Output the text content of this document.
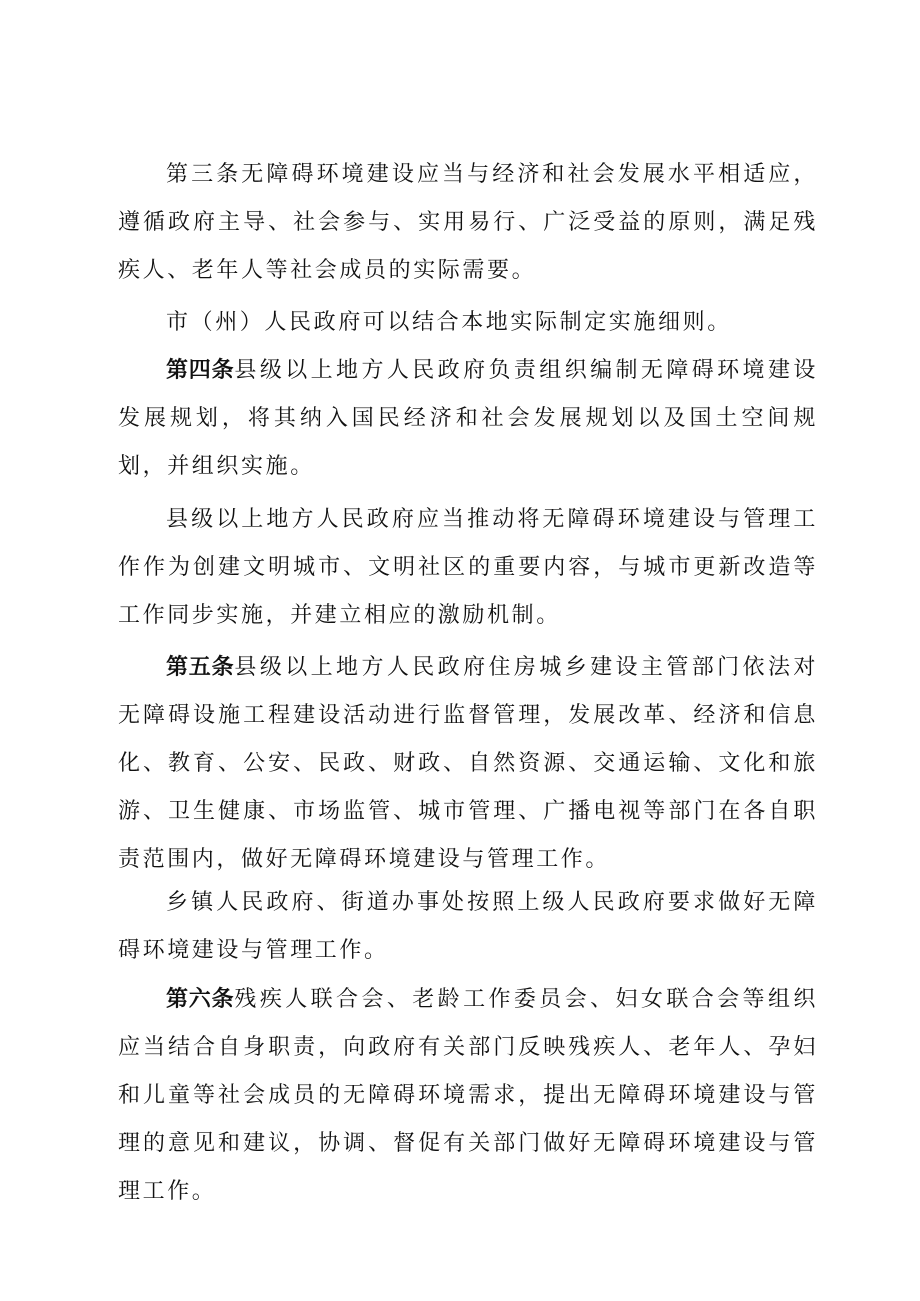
第三条无障碍环境建设应当与经济和社会发展水平相适应，遵循政府主导、社会参与、实用易行、广泛受益的原则，满足残疾人、老年人等社会成员的实际需要。

市（州）人民政府可以结合本地实际制定实施细则。

第四条县级以上地方人民政府负责组织编制无障碍环境建设发展规划，将其纳入国民经济和社会发展规划以及国土空间规划，并组织实施。

县级以上地方人民政府应当推动将无障碍环境建设与管理工作作为创建文明城市、文明社区的重要内容，与城市更新改造等工作同步实施，并建立相应的激励机制。

第五条县级以上地方人民政府住房城乡建设主管部门依法对无障碍设施工程建设活动进行监督管理，发展改革、经济和信息化、教育、公安、民政、财政、自然资源、交通运输、文化和旅游、卫生健康、市场监管、城市管理、广播电视等部门在各自职责范围内，做好无障碍环境建设与管理工作。

乡镇人民政府、街道办事处按照上级人民政府要求做好无障碍环境建设与管理工作。

第六条残疾人联合会、老龄工作委员会、妇女联合会等组织应当结合自身职责，向政府有关部门反映残疾人、老年人、孕妇和儿童等社会成员的无障碍环境需求，提出无障碍环境建设与管理的意见和建议，协调、督促有关部门做好无障碍环境建设与管理工作。
